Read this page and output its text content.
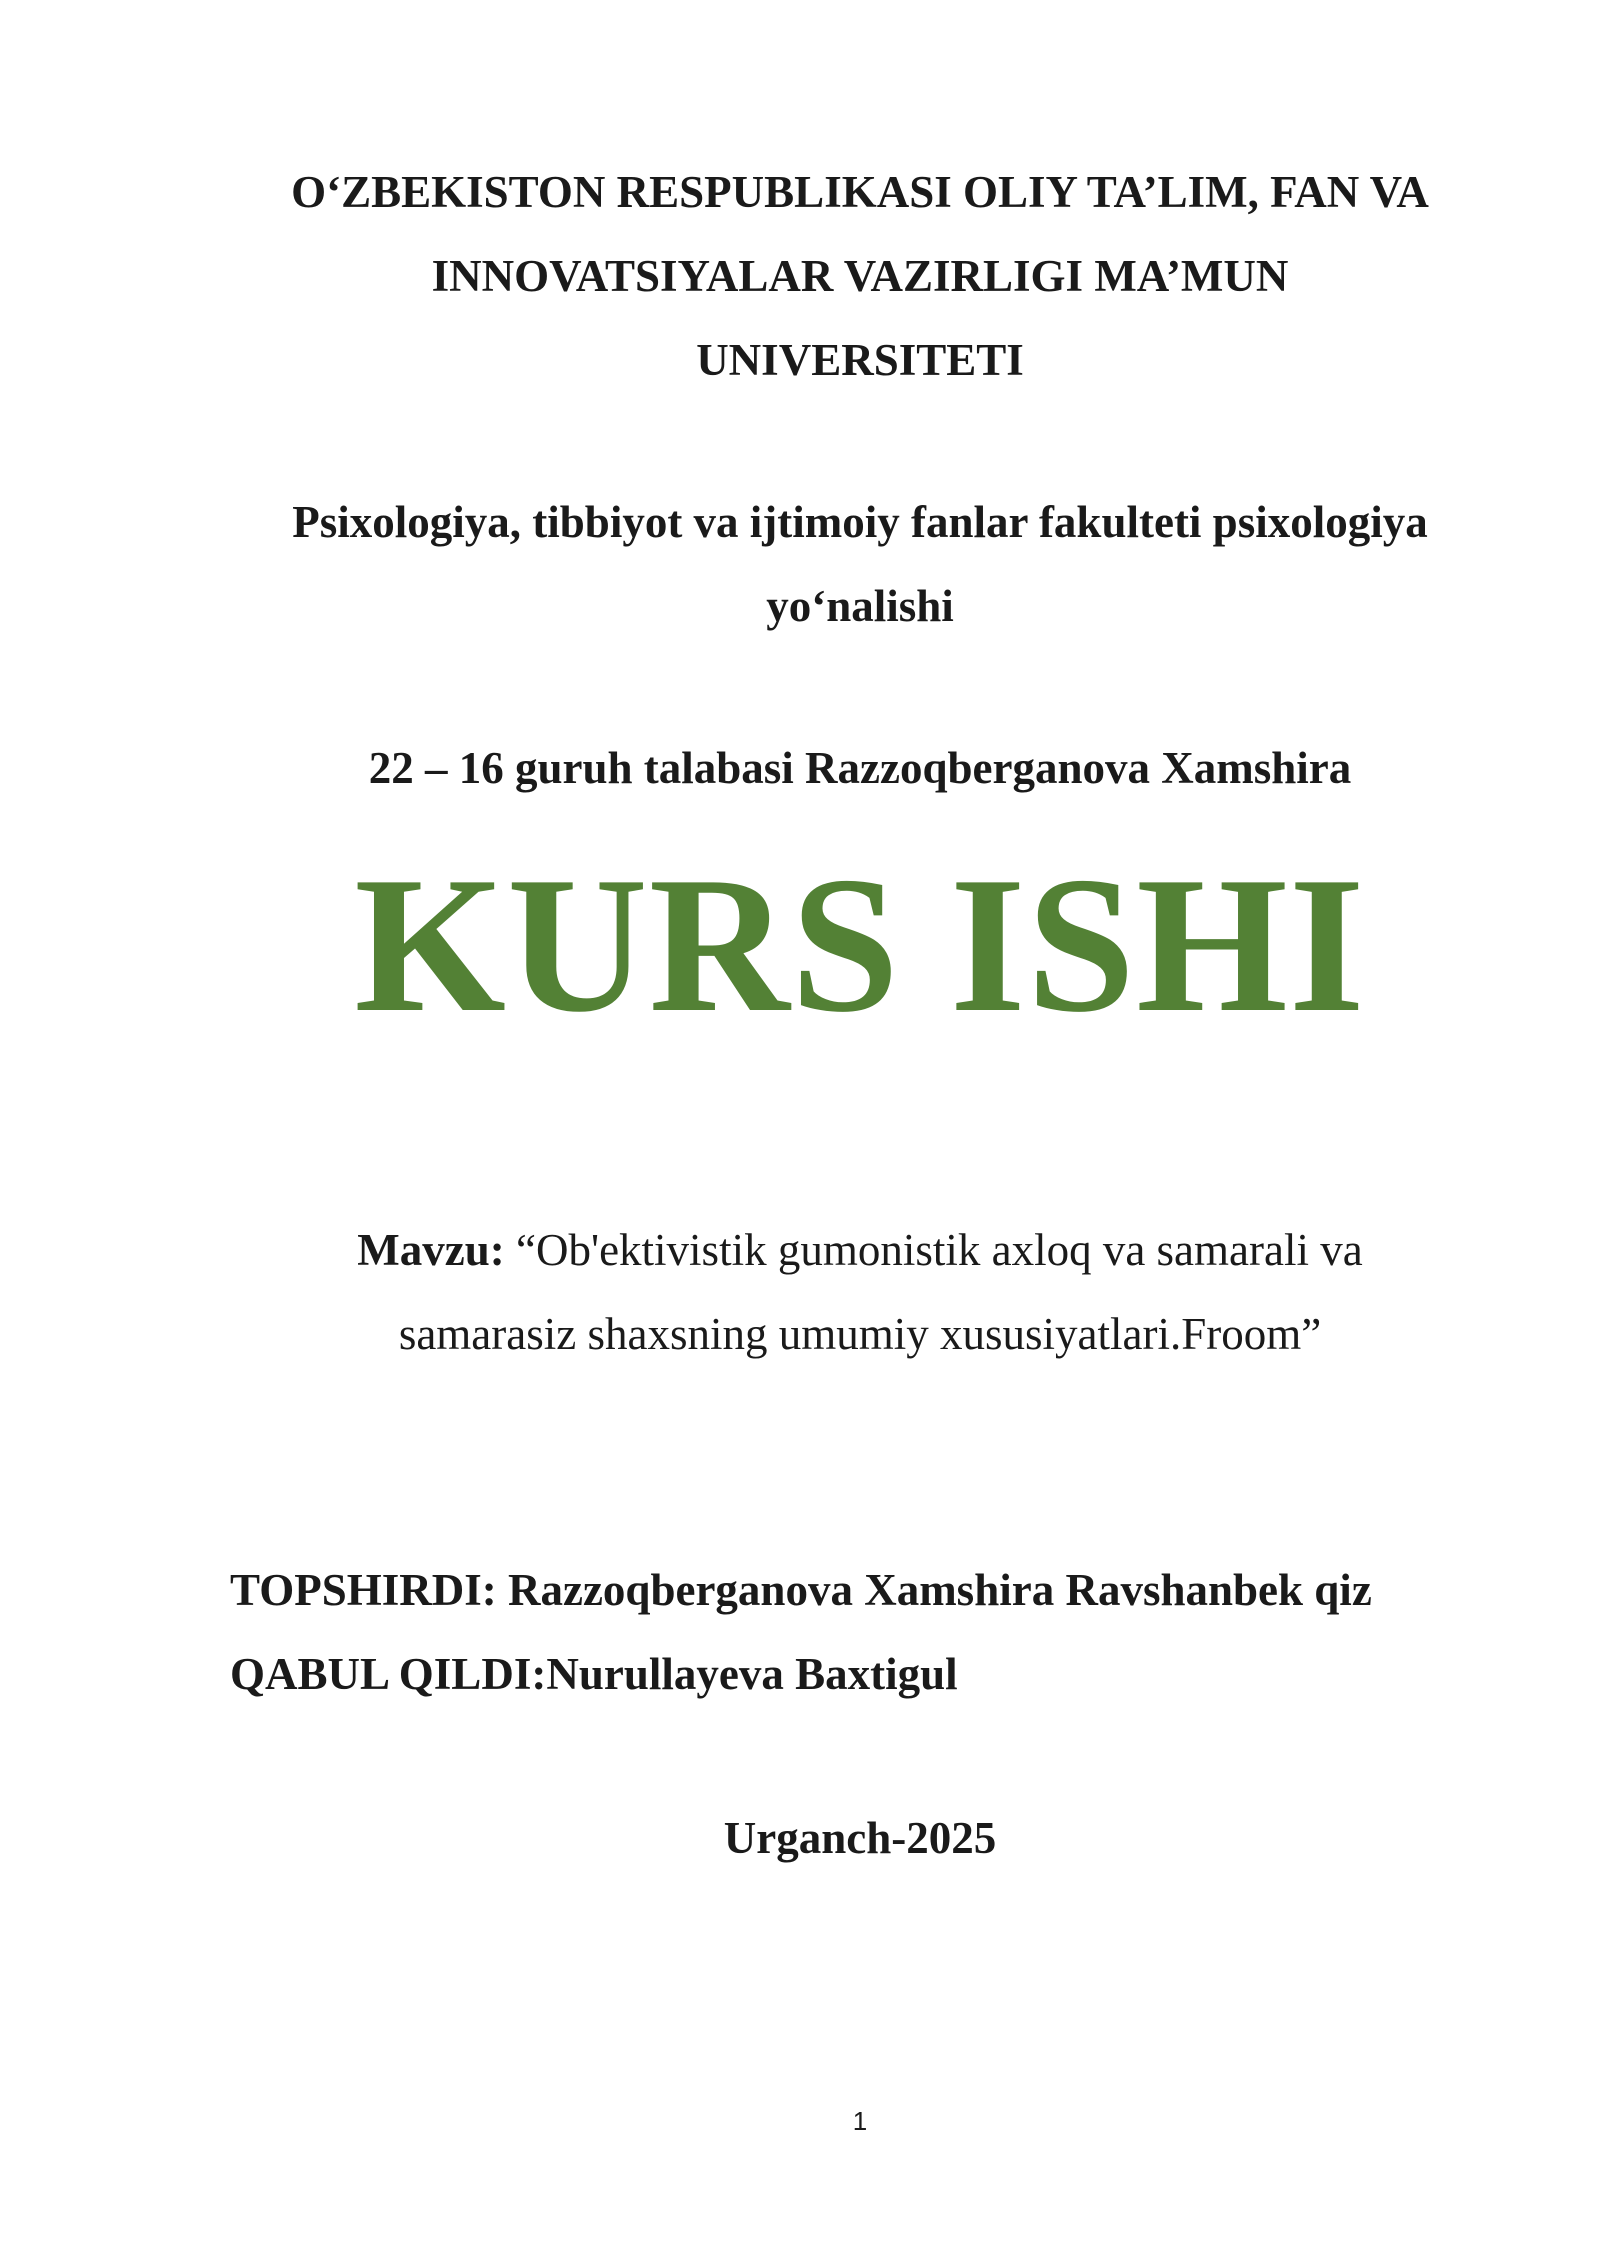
O‘ZBEKISTON RESPUBLIKASI OLIY TA’LIM, FAN VA
INNOVATSIYALAR VAZIRLIGI MA’MUN
UNIVERSITETI
Psixologiya, tibbiyot va ijtimoiy fanlar fakulteti psixologiya
yo‘nalishi
22 – 16 guruh talabasi Razzoqberganova Xamshira
KURS ISHI
Mavzu: “Ob'ektivistik gumonistik axloq va samarali va
samarasiz shaxsning umumiy xususiyatlari.Froom”
TOPSHIRDI: Razzoqberganova Xamshira Ravshanbek qiz
QABUL QILDI:Nurullayeva Baxtigul
Urganch-2025
1
